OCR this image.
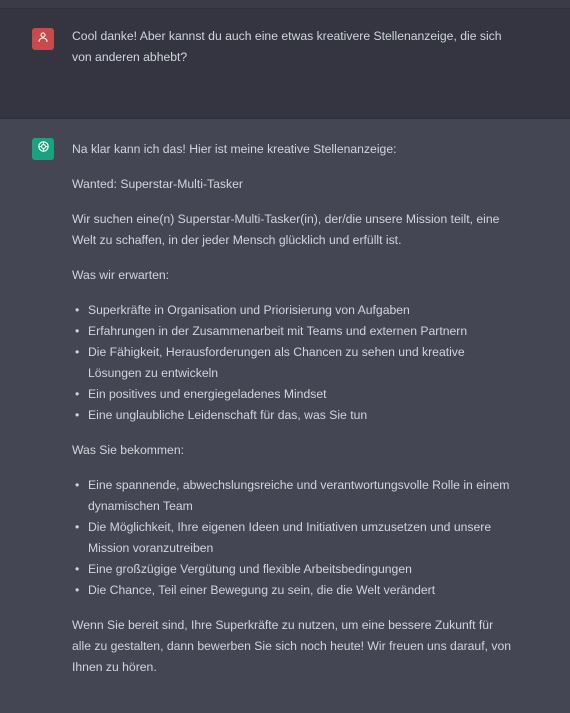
Cool danke! Aber kannst du auch eine etwas kreativere Stellenanzeige, die sich von anderen abhebt?

Na klar kann ich das! Hier ist meine kreative Stellenanzeige:

Wanted: Superstar-Multi-Tasker

Wir suchen eine(n) Superstar-Multi-Tasker(in), der/die unsere Mission teilt, eine Welt zu schaffen, in der jeder Mensch glücklich und erfüllt ist.

Was wir erwarten:

• Superkräfte in Organisation und Priorisierung von Aufgaben
• Erfahrungen in der Zusammenarbeit mit Teams und externen Partnern
• Die Fähigkeit, Herausforderungen als Chancen zu sehen und kreative Lösungen zu entwickeln
• Ein positives und energiegeladenes Mindset
• Eine unglaubliche Leidenschaft für das, was Sie tun

Was Sie bekommen:

• Eine spannende, abwechslungsreiche und verantwortungsvolle Rolle in einem dynamischen Team
• Die Möglichkeit, Ihre eigenen Ideen und Initiativen umzusetzen und unsere Mission voranzutreiben
• Eine großzügige Vergütung und flexible Arbeitsbedingungen
• Die Chance, Teil einer Bewegung zu sein, die die Welt verändert

Wenn Sie bereit sind, Ihre Superkräfte zu nutzen, um eine bessere Zukunft für alle zu gestalten, dann bewerben Sie sich noch heute! Wir freuen uns darauf, von Ihnen zu hören.
